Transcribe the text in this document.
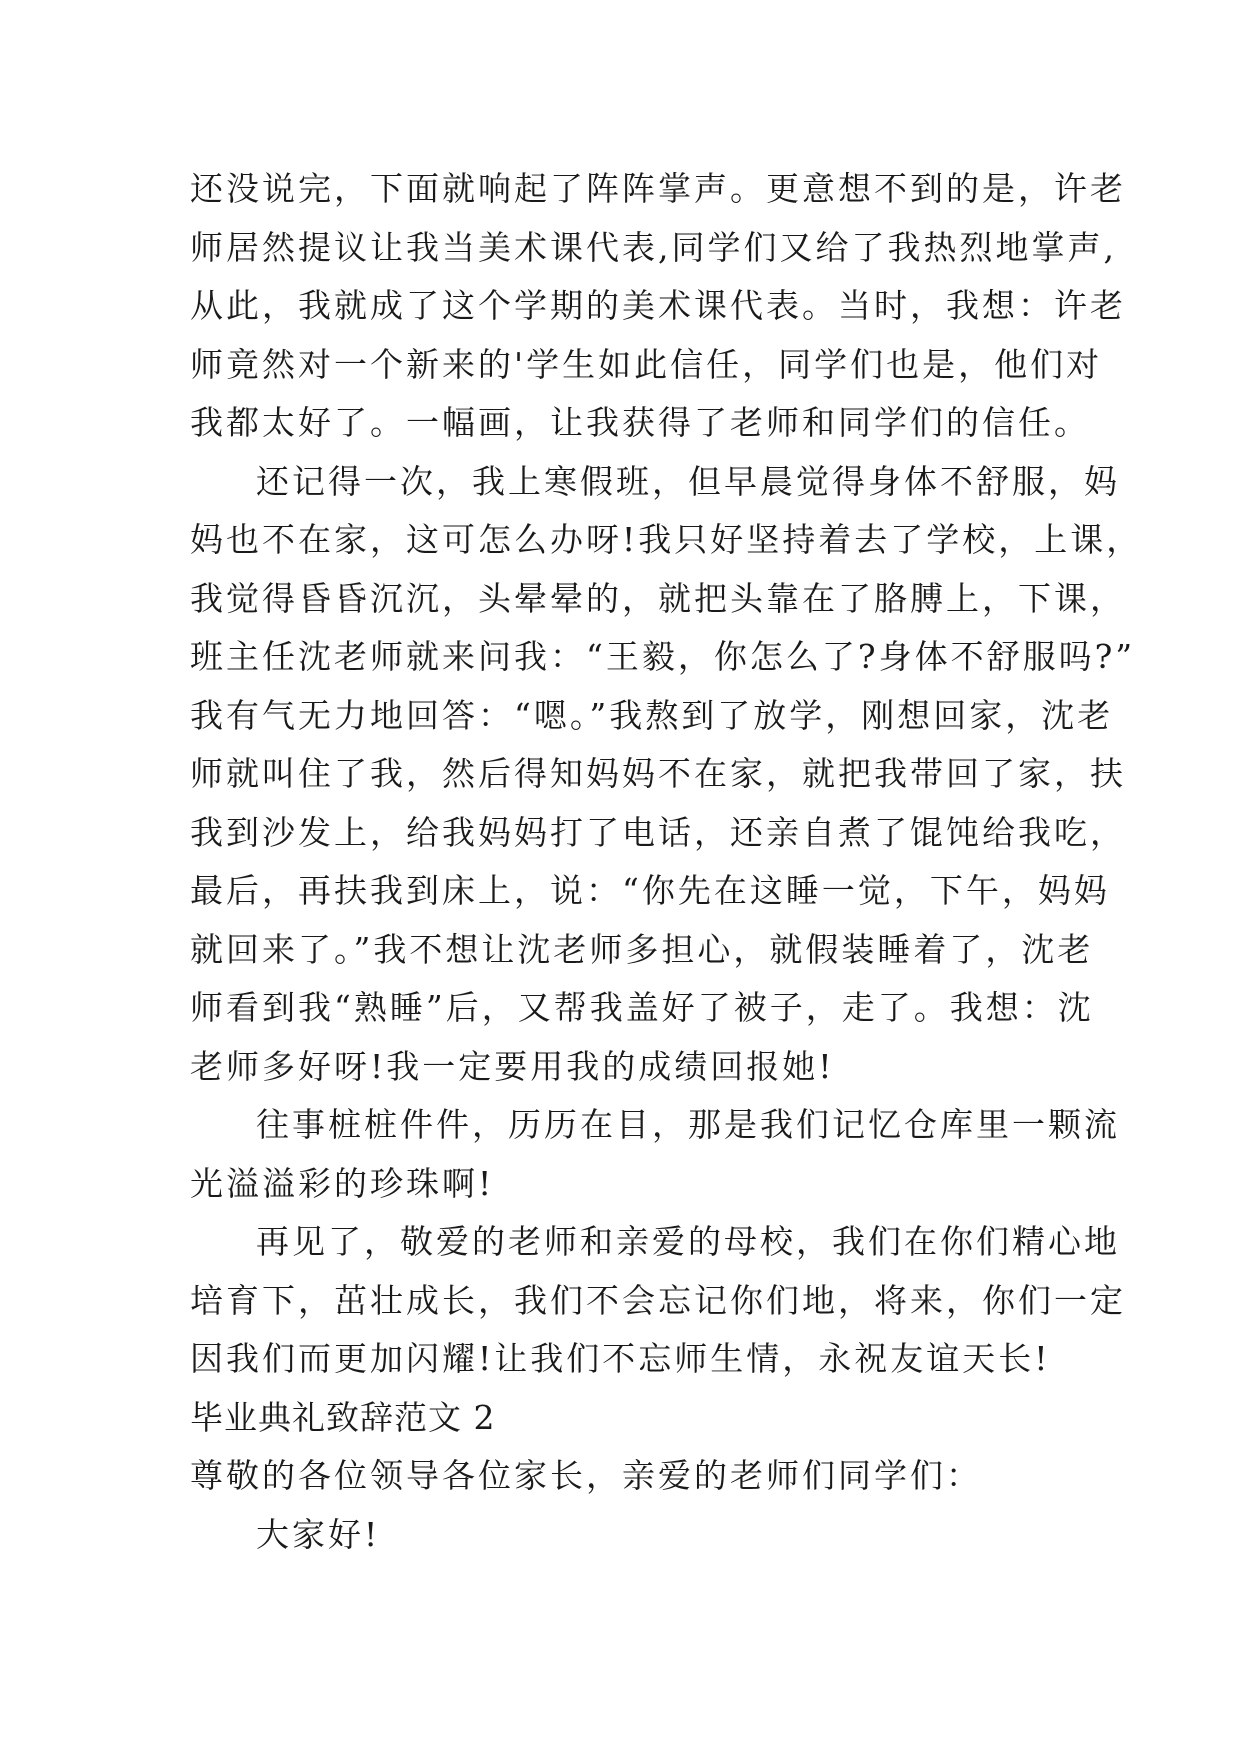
还没说完，下面就响起了阵阵掌声。更意想不到的是，许老
师居然提议让我当美术课代表,同学们又给了我热烈地掌声,
从此，我就成了这个学期的美术课代表。当时，我想：许老
师竟然对一个新来的'学生如此信任，同学们也是，他们对
我都太好了。一幅画，让我获得了老师和同学们的信任。
还记得一次，我上寒假班，但早晨觉得身体不舒服，妈
妈也不在家，这可怎么办呀!我只好坚持着去了学校，上课，
我觉得昏昏沉沉，头晕晕的，就把头靠在了胳膊上，下课，
班主任沈老师就来问我：“王毅，你怎么了?身体不舒服吗?”
我有气无力地回答：“嗯。”我熬到了放学，刚想回家，沈老
师就叫住了我，然后得知妈妈不在家，就把我带回了家，扶
我到沙发上，给我妈妈打了电话，还亲自煮了馄饨给我吃，
最后，再扶我到床上，说：“你先在这睡一觉，下午，妈妈
就回来了。”我不想让沈老师多担心，就假装睡着了，沈老
师看到我“熟睡”后，又帮我盖好了被子，走了。我想：沈
老师多好呀!我一定要用我的成绩回报她!
往事桩桩件件，历历在目，那是我们记忆仓库里一颗流
光溢溢彩的珍珠啊!
再见了，敬爱的老师和亲爱的母校，我们在你们精心地
培育下，茁壮成长，我们不会忘记你们地，将来，你们一定
因我们而更加闪耀!让我们不忘师生情，永祝友谊天长!
毕业典礼致辞范文 2
尊敬的各位领导各位家长，亲爱的老师们同学们：
大家好!
